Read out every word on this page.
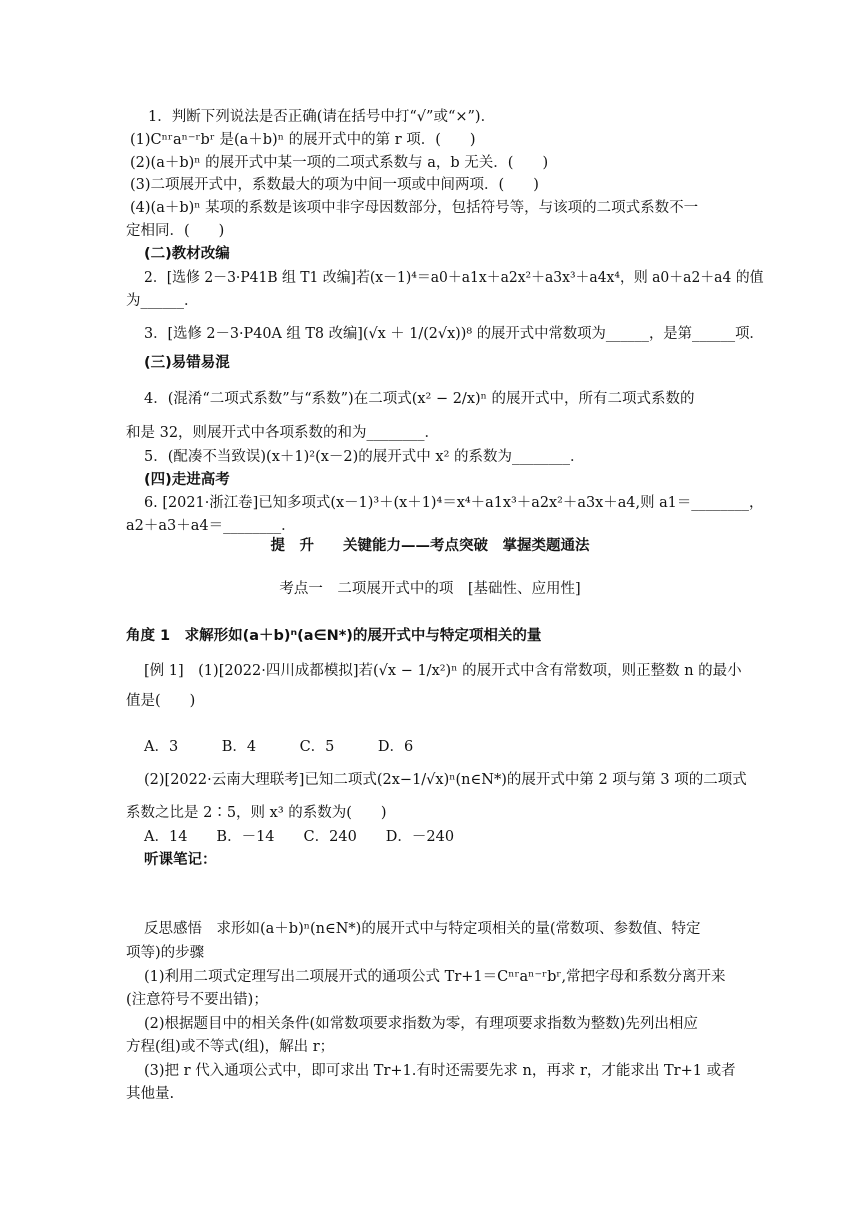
1．判断下列说法是否正确(请在括号中打“√”或“×”)．
(1)Cⁿʳaⁿ⁻ʳbʳ 是(a＋b)ⁿ 的展开式中的第 r 项．(　　)
(2)(a＋b)ⁿ 的展开式中某一项的二项式系数与 a，b 无关．(　　)
(3)二项展开式中，系数最大的项为中间一项或中间两项．(　　)
(4)(a＋b)ⁿ 某项的系数是该项中非字母因数部分，包括符号等，与该项的二项式系数不一
定相同．(　　)
(二)教材改编
2．[选修 2－3·P41B 组 T1 改编]若(x－1)⁴＝a0＋a1x＋a2x²＋a3x³＋a4x⁴，则 a0＋a2＋a4 的值
为______．
3．[选修 2－3·P40A 组 T8 改编](√x ＋ 1/(2√x))⁸ 的展开式中常数项为______，是第______项．
(三)易错易混
4．(混淆“二项式系数”与“系数”)在二项式(x² − 2/x)ⁿ 的展开式中，所有二项式系数的
和是 32，则展开式中各项系数的和为________．
5．(配凑不当致误)(x＋1)²(x－2)的展开式中 x² 的系数为________．
(四)走进高考
6. [2021·浙江卷]已知多项式(x－1)³＋(x＋1)⁴＝x⁴＋a1x³＋a2x²＋a3x＋a4,则 a1＝________，
a2＋a3＋a4＝________．
提　升　　关键能力——考点突破　掌握类题通法
考点一　二项展开式中的项　[基础性、应用性]
角度 1　求解形如(a＋b)ⁿ(a∈N*)的展开式中与特定项相关的量
[例 1]　(1)[2022·四川成都模拟]若(√x − 1/x²)ⁿ 的展开式中含有常数项，则正整数 n 的最小
值是(　　)
A．3　　　B．4　　　C．5　　　D．6
(2)[2022·云南大理联考]已知二项式(2x−1/√x)ⁿ(n∈N*)的展开式中第 2 项与第 3 项的二项式
系数之比是 2∶5，则 x³ 的系数为(　　)
A．14　　B．－14　　C．240　　D．－240
听课笔记：
反思感悟　求形如(a＋b)ⁿ(n∈N*)的展开式中与特定项相关的量(常数项、参数值、特定
项等)的步骤
(1)利用二项式定理写出二项展开式的通项公式 Tr+1＝Cⁿʳaⁿ⁻ʳbʳ,常把字母和系数分离开来
(注意符号不要出错)；
(2)根据题目中的相关条件(如常数项要求指数为零，有理项要求指数为整数)先列出相应
方程(组)或不等式(组)，解出 r；
(3)把 r 代入通项公式中，即可求出 Tr+1.有时还需要先求 n，再求 r，才能求出 Tr+1 或者
其他量.
